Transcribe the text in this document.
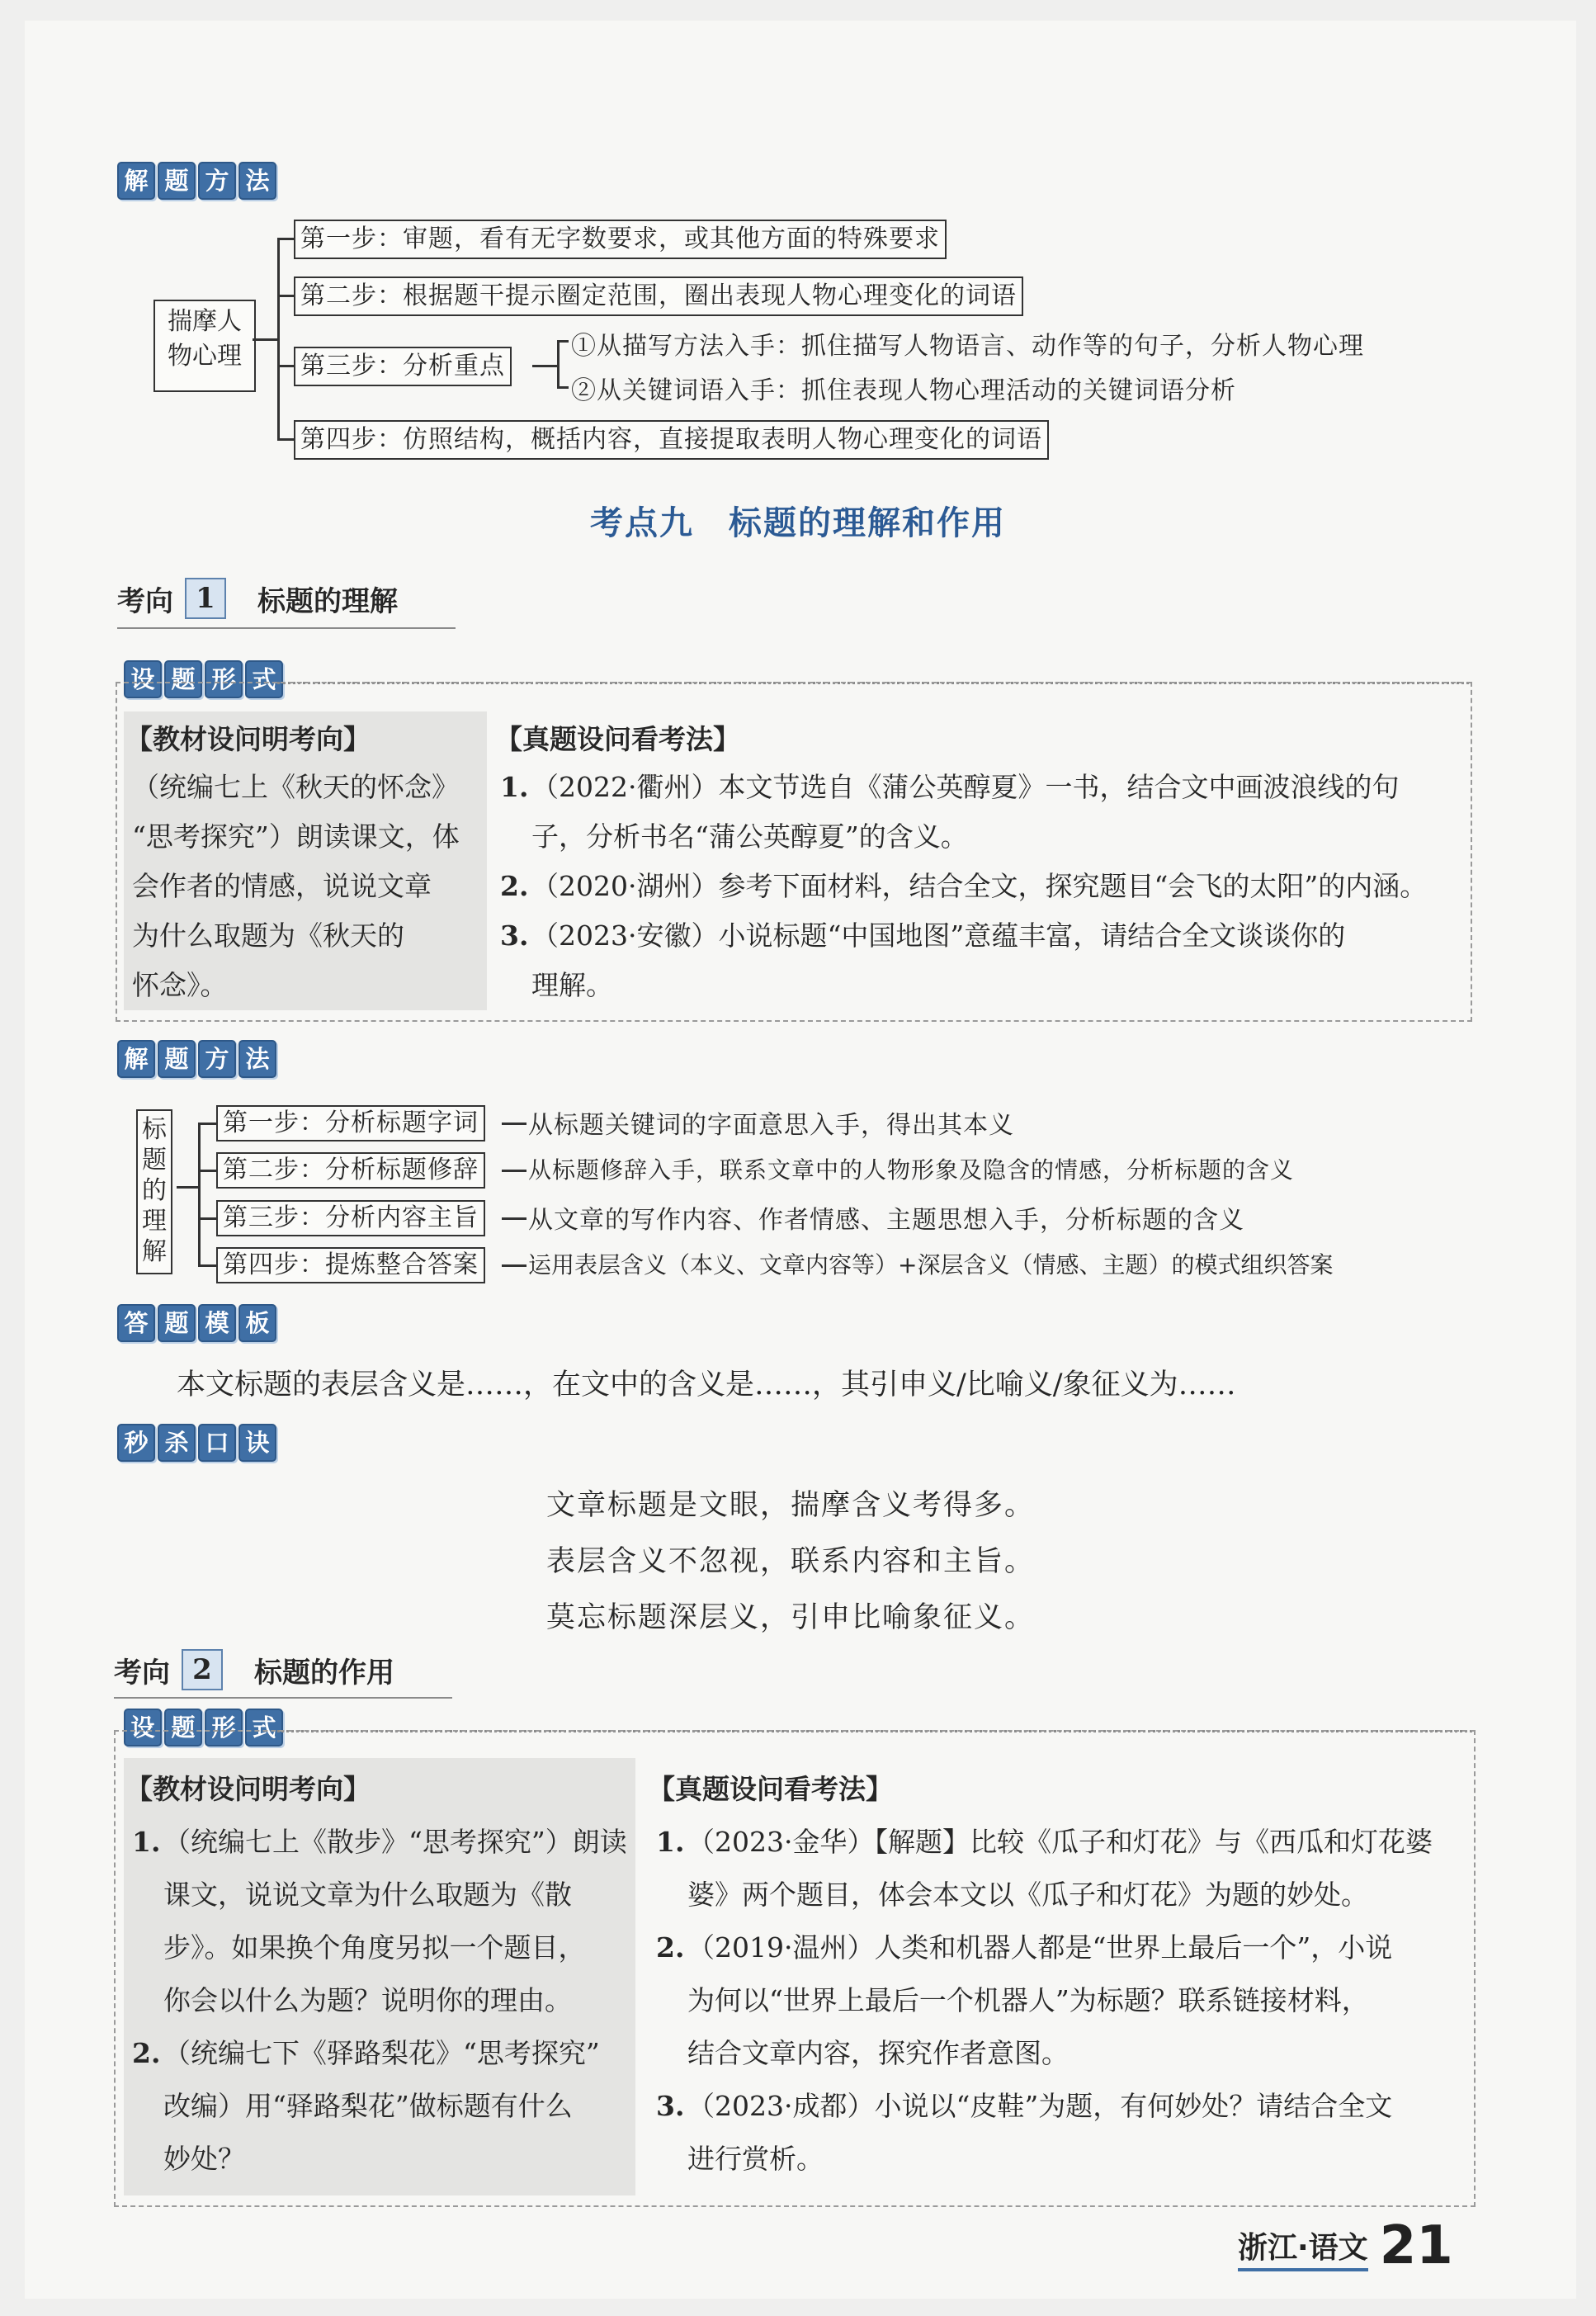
解 题 方 法
揣摩人物心理
第一步：审题，看有无字数要求，或其他方面的特殊要求
第二步：根据题干提示圈定范围，圈出表现人物心理变化的词语
第三步：分析重点
①从描写方法入手：抓住描写人物语言、动作等的句子，分析人物心理
②从关键词语入手：抓住表现人物心理活动的关键词语分析
第四步：仿照结构，概括内容，直接提取表明人物心理变化的词语
考点九　标题的理解和作用
考向 1	标题的理解
设 题 形 式
【教材设问明考向】
（统编七上《秋天的怀念》
“思考探究”）朗读课文，体
会作者的情感，说说文章
为什么取题为《秋天的
怀念》。
【真题设问看考法】
1. （2022·衢州）本文节选自《蒲公英醇夏》一书，结合文中画波浪线的句
子，分析书名“蒲公英醇夏”的含义。
2. （2020·湖州）参考下面材料，结合全文，探究题目“会飞的太阳”的内涵。
3. （2023·安徽）小说标题“中国地图”意蕴丰富，请结合全文谈谈你的
理解。
解 题 方 法
标
题
的
理
解
第一步：分析标题字词 从标题关键词的字面意思入手，得出其本义
第二步：分析标题修辞 从标题修辞入手，联系文章中的人物形象及隐含的情感，分析标题的含义
第三步：分析内容主旨 从文章的写作内容、作者情感、主题思想入手，分析标题的含义
第四步：提炼整合答案 运用表层含义（本义、文章内容等）+深层含义（情感、主题）的模式组织答案
答 题 模 板
本文标题的表层含义是……，在文中的含义是……，其引申义/比喻义/象征义为……
秒 杀 口 诀
文章标题是文眼，揣摩含义考得多。
表层含义不忽视，联系内容和主旨。
莫忘标题深层义，引申比喻象征义。
考向 2	标题的作用
设 题 形 式
【教材设问明考向】
1. （统编七上《散步》“思考探究”）朗读
课文，说说文章为什么取题为《散
步》。如果换个角度另拟一个题目，
你会以什么为题？说明你的理由。
2. （统编七下《驿路梨花》“思考探究”
改编）用“驿路梨花”做标题有什么
妙处？
【真题设问看考法】
1. （2023·金华）【解题】比较《瓜子和灯花》与《西瓜和灯花婆
婆》两个题目，体会本文以《瓜子和灯花》为题的妙处。
2. （2019·温州）人类和机器人都是“世界上最后一个”，小说
为何以“世界上最后一个机器人”为标题？联系链接材料，
结合文章内容，探究作者意图。
3. （2023·成都）小说以“皮鞋”为题，有何妙处？请结合全文
进行赏析。
浙江·语文 21
